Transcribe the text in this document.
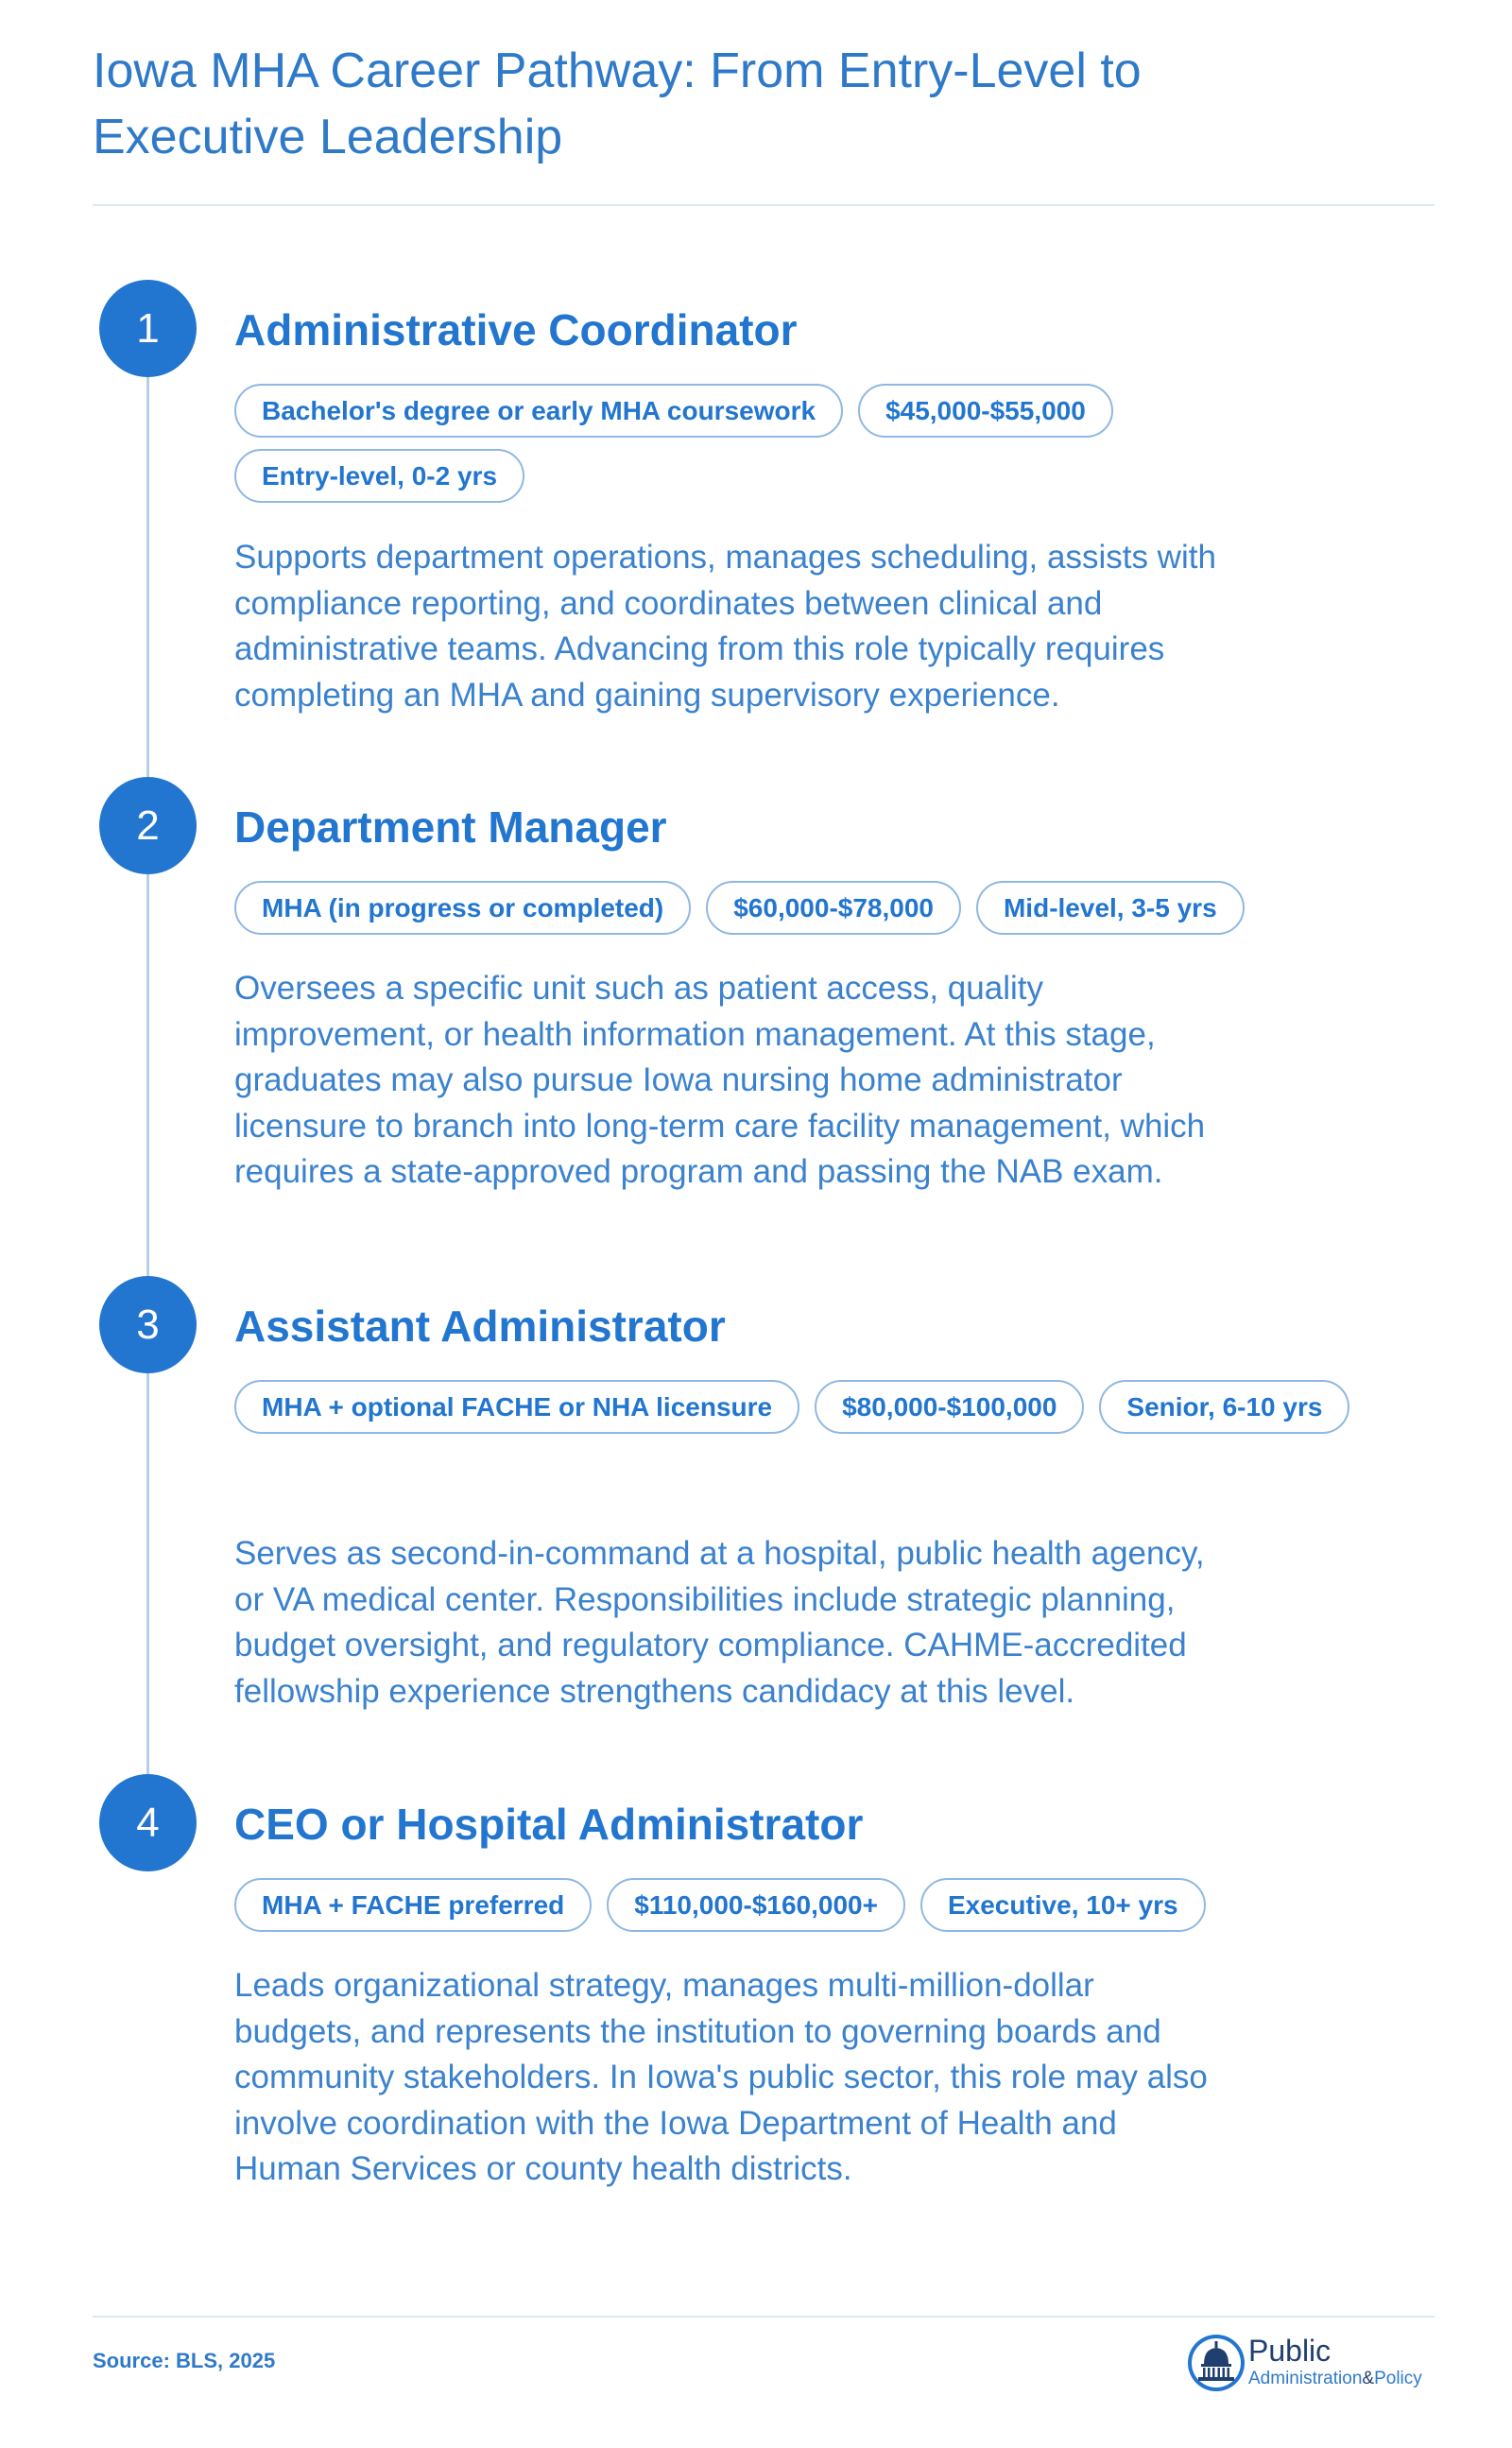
Iowa MHA Career Pathway: From Entry-Level to Executive Leadership
1	Administrative Coordinator
Bachelor's degree or early MHA coursework	$45,000-$55,000
Entry-level, 0-2 yrs
Supports department operations, manages scheduling, assists with compliance reporting, and coordinates between clinical and administrative teams. Advancing from this role typically requires completing an MHA and gaining supervisory experience.
2	Department Manager
MHA (in progress or completed)	$60,000-$78,000	Mid-level, 3-5 yrs
Oversees a specific unit such as patient access, quality improvement, or health information management. At this stage, graduates may also pursue Iowa nursing home administrator licensure to branch into long-term care facility management, which requires a state-approved program and passing the NAB exam.
3	Assistant Administrator
MHA + optional FACHE or NHA licensure	$80,000-$100,000	Senior, 6-10 yrs
Serves as second-in-command at a hospital, public health agency, or VA medical center. Responsibilities include strategic planning, budget oversight, and regulatory compliance. CAHME-accredited fellowship experience strengthens candidacy at this level.
4	CEO or Hospital Administrator
MHA + FACHE preferred	$110,000-$160,000+	Executive, 10+ yrs
Leads organizational strategy, manages multi-million-dollar budgets, and represents the institution to governing boards and community stakeholders. In Iowa's public sector, this role may also involve coordination with the Iowa Department of Health and Human Services or county health districts.
Source: BLS, 2025	Public
Administration&Policy
